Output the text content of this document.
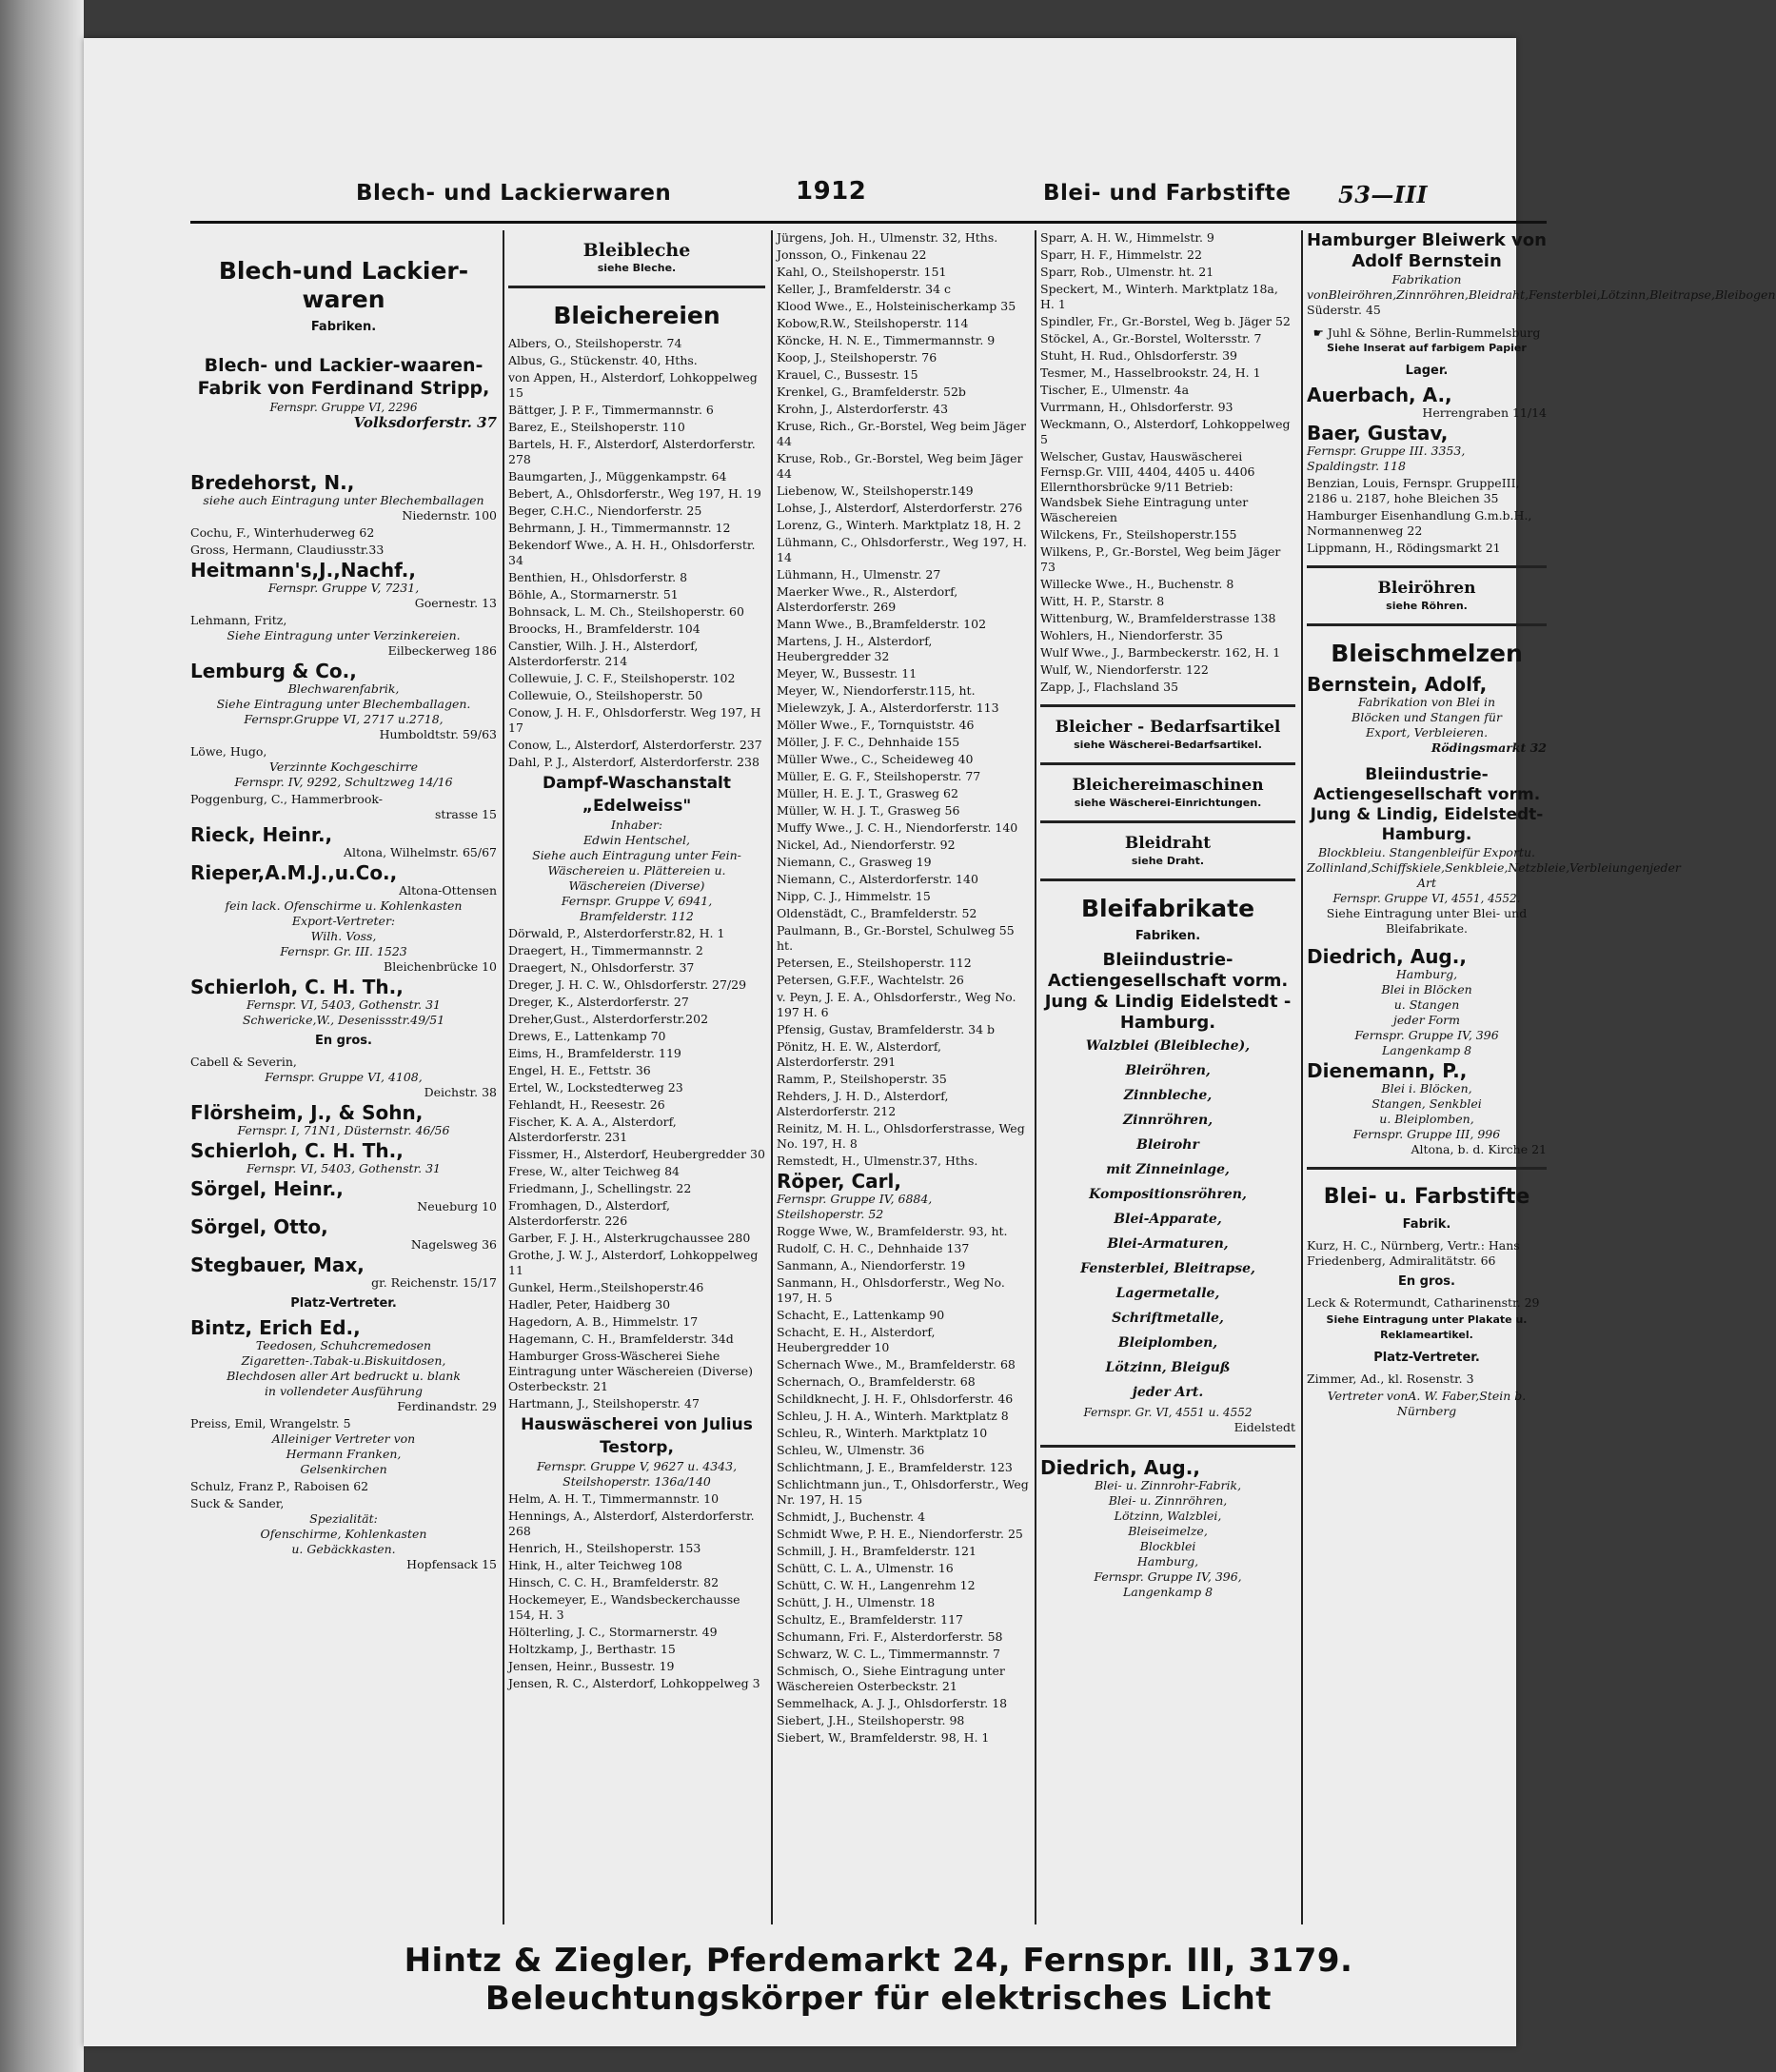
Blech- und Lackierwaren	1912	Blei- und Farbstifte 53—III
Blech-und Lackier-waren
Fabriken.
Blech- und Lackier-waaren-Fabrik von Ferdinand Stripp,
Fernspr. Gruppe VI, 2296
Volksdorferstr. 37
Bredehorst, N.,
siehe auch Eintragung unter Blechemballagen
Niedernstr. 100
Cochu, F., Winterhuderweg 62
Gross, Hermann, Claudiusstr.33
Heitmann's,J.,Nachf.,
Fernspr. Gruppe V, 7231,
Goernestr. 13
Lehmann, Fritz,
Siehe Eintragung unter Verzinkereien.
Eilbeckerweg 186
Lemburg & Co.,
Blechwarenfabrik,
Siehe Eintragung unter Blechemballagen.
Fernspr.Gruppe VI, 2717 u.2718,
Humboldtstr. 59/63
Löwe, Hugo,
Verzinnte Kochgeschirre
Fernspr. IV, 9292, Schultzweg 14/16
Poggenburg, C., Hammerbrook-
strasse 15
Rieck, Heinr.,
Altona, Wilhelmstr. 65/67
Rieper,A.M.J.,u.Co.,
Altona-Ottensen
fein lack. Ofenschirme u. Kohlenkasten
Export-Vertreter:
Wilh. Voss,
Fernspr. Gr. III. 1523
Bleichenbrücke 10
Schierloh, C. H. Th.,
Fernspr. VI, 5403, Gothenstr. 31
Schwericke,W., Desenissstr.49/51
En gros.
Cabell & Severin,
Fernspr. Gruppe VI, 4108,
Deichstr. 38
Flörsheim, J., & Sohn,
Fernspr. I, 71N1, Düsternstr. 46/56
Schierloh, C. H. Th.,
Fernspr. VI, 5403, Gothenstr. 31
Sörgel, Heinr.,
Neueburg 10
Sörgel, Otto,
Nagelsweg 36
Stegbauer, Max,
gr. Reichenstr. 15/17
Platz-Vertreter.
Bintz, Erich Ed.,
Teedosen, Schuhcremedosen
Zigaretten-.Tabak-u.Biskuitdosen,
Blechdosen aller Art bedruckt u. blank
in vollendeter Ausführung
Ferdinandstr. 29
Preiss, Emil, Wrangelstr. 5
Alleiniger Vertreter von
Hermann Franken,
Gelsenkirchen
Schulz, Franz P., Raboisen 62
Suck & Sander,
Spezialität:
Ofenschirme, Kohlenkasten
u. Gebäckkasten.
Hopfensack 15
Bleibleche
siehe Bleche.
Bleichereien
Albers, O., Steilshoperstr. 74
Albus, G., Stückenstr. 40, Hths.
von Appen, H., Alsterdorf, Lohkoppelweg 15
Bättger, J. P. F., Timmermannstr. 6
Barez, E., Steilshoperstr. 110
Bartels, H. F., Alsterdorf, Alsterdorferstr. 278
Baumgarten, J., Müggenkampstr. 64
Bebert, A., Ohlsdorferstr., Weg 197, H. 19
Beger, C.H.C., Niendorferstr. 25
Behrmann, J. H., Timmermannstr. 12
Bekendorf Wwe., A. H. H., Ohlsdorferstr. 34
Benthien, H., Ohlsdorferstr. 8
Böhle, A., Stormarnerstr. 51
Bohnsack, L. M. Ch., Steilshoperstr. 60
Broocks, H., Bramfelderstr. 104
Canstier, Wilh. J. H., Alsterdorf, Alsterdorferstr. 214
Collewuie, J. C. F., Steilshoperstr. 102
Collewuie, O., Steilshoperstr. 50
Conow, J. H. F., Ohlsdorferstr. Weg 197, H 17
Conow, L., Alsterdorf, Alsterdorferstr. 237
Dahl, P. J., Alsterdorf, Alsterdorferstr. 238
Dampf-Waschanstalt „Edelweiss"
Inhaber:
Edwin Hentschel,
Siehe auch Eintragung unter Fein-Wäschereien u. Plättereien u. Wäschereien (Diverse)
Fernspr. Gruppe V, 6941,
Bramfelderstr. 112
Dörwald, P., Alsterdorferstr.82, H. 1
Draegert, H., Timmermannstr. 2
Draegert, N., Ohlsdorferstr. 37
Dreger, J. H. C. W., Ohlsdorferstr. 27/29
Dreger, K., Alsterdorferstr. 27
Dreher,Gust., Alsterdorferstr.202
Drews, E., Lattenkamp 70
Eims, H., Bramfelderstr. 119
Engel, H. E., Fettstr. 36
Ertel, W., Lockstedterweg 23
Fehlandt, H., Reesestr. 26
Fischer, K. A. A., Alsterdorf, Alsterdorferstr. 231
Fissmer, H., Alsterdorf, Heubergredder 30
Frese, W., alter Teichweg 84
Friedmann, J., Schellingstr. 22
Fromhagen, D., Alsterdorf, Alsterdorferstr. 226
Garber, F. J. H., Alsterkrugchaussee 280
Grothe, J. W. J., Alsterdorf, Lohkoppelweg 11
Gunkel, Herm.,Steilshoperstr.46
Hadler, Peter, Haidberg 30
Hagedorn, A. B., Himmelstr. 17
Hagemann, C. H., Bramfelderstr. 34d
Hamburger Gross-Wäscherei Siehe Eintragung unter Wäschereien (Diverse) Osterbeckstr. 21
Hartmann, J., Steilshoperstr. 47
Hauswäscherei von Julius Testorp,
Fernspr. Gruppe V, 9627 u. 4343,
Steilshoperstr. 136a/140
Helm, A. H. T., Timmermannstr. 10
Hennings, A., Alsterdorf, Alsterdorferstr. 268
Henrich, H., Steilshoperstr. 153
Hink, H., alter Teichweg 108
Hinsch, C. C. H., Bramfelderstr. 82
Hockemeyer, E., Wandsbeckerchausse 154, H. 3
Hölterling, J. C., Stormarnerstr. 49
Holtzkamp, J., Berthastr. 15
Jensen, Heinr., Bussestr. 19
Jensen, R. C., Alsterdorf, Lohkoppelweg 3
Jürgens, Joh. H., Ulmenstr. 32, Hths.
Jonsson, O., Finkenau 22
Kahl, O., Steilshoperstr. 151
Keller, J., Bramfelderstr. 34 c
Klood Wwe., E., Holsteinischerkamp 35
Kobow,R.W., Steilshoperstr. 114
Köncke, H. N. E., Timmermannstr. 9
Koop, J., Steilshoperstr. 76
Krauel, C., Bussestr. 15
Krenkel, G., Bramfelderstr. 52b
Krohn, J., Alsterdorferstr. 43
Kruse, Rich., Gr.-Borstel, Weg beim Jäger 44
Kruse, Rob., Gr.-Borstel, Weg beim Jäger 44
Liebenow, W., Steilshoperstr.149
Lohse, J., Alsterdorf, Alsterdorferstr. 276
Lorenz, G., Winterh. Marktplatz 18, H. 2
Lühmann, C., Ohlsdorferstr., Weg 197, H. 14
Lühmann, H., Ulmenstr. 27
Maerker Wwe., R., Alsterdorf, Alsterdorferstr. 269
Mann Wwe., B.,Bramfelderstr. 102
Martens, J. H., Alsterdorf, Heubergredder 32
Meyer, W., Bussestr. 11
Meyer, W., Niendorferstr.115, ht.
Mielewzyk, J. A., Alsterdorferstr. 113
Möller Wwe., F., Tornquiststr. 46
Möller, J. F. C., Dehnhaide 155
Müller Wwe., C., Scheideweg 40
Müller, E. G. F., Steilshoperstr. 77
Müller, H. E. J. T., Grasweg 62
Müller, W. H. J. T., Grasweg 56
Muffy Wwe., J. C. H., Niendorferstr. 140
Nickel, Ad., Niendorferstr. 92
Niemann, C., Grasweg 19
Niemann, C., Alsterdorferstr. 140
Nipp, C. J., Himmelstr. 15
Oldenstädt, C., Bramfelderstr. 52
Paulmann, B., Gr.-Borstel, Schulweg 55 ht.
Petersen, E., Steilshoperstr. 112
Petersen, G.F.F., Wachtelstr. 26
v. Peyn, J. E. A., Ohlsdorferstr., Weg No. 197 H. 6
Pfensig, Gustav, Bramfelderstr. 34 b
Pönitz, H. E. W., Alsterdorf, Alsterdorferstr. 291
Ramm, P., Steilshoperstr. 35
Rehders, J. H. D., Alsterdorf, Alsterdorferstr. 212
Reinitz, M. H. L., Ohlsdorferstrasse, Weg No. 197, H. 8
Remstedt, H., Ulmenstr.37, Hths.
Röper, Carl,
Fernspr. Gruppe IV, 6884,
Steilshoperstr. 52
Rogge Wwe, W., Bramfelderstr. 93, ht.
Rudolf, C. H. C., Dehnhaide 137
Sanmann, A., Niendorferstr. 19
Sanmann, H., Ohlsdorferstr., Weg No. 197, H. 5
Schacht, E., Lattenkamp 90
Schacht, E. H., Alsterdorf, Heubergredder 10
Schernach Wwe., M., Bramfelderstr. 68
Schernach, O., Bramfelderstr. 68
Schildknecht, J. H. F., Ohlsdorferstr. 46
Schleu, J. H. A., Winterh. Marktplatz 8
Schleu, R., Winterh. Marktplatz 10
Schleu, W., Ulmenstr. 36
Schlichtmann, J. E., Bramfelderstr. 123
Schlichtmann jun., T., Ohlsdorferstr., Weg Nr. 197, H. 15
Schmidt, J., Buchenstr. 4
Schmidt Wwe, P. H. E., Niendorferstr. 25
Schmill, J. H., Bramfelderstr. 121
Schütt, C. L. A., Ulmenstr. 16
Schütt, C. W. H., Langenrehm 12
Schütt, J. H., Ulmenstr. 18
Schultz, E., Bramfelderstr. 117
Schumann, Fri. F., Alsterdorferstr. 58
Schwarz, W. C. L., Timmermannstr. 7
Schmisch, O., Siehe Eintragung unter Wäschereien Osterbeckstr. 21
Semmelhack, A. J. J., Ohlsdorferstr. 18
Siebert, J.H., Steilshoperstr. 98
Siebert, W., Bramfelderstr. 98, H. 1
Sparr, A. H. W., Himmelstr. 9
Sparr, H. F., Himmelstr. 22
Sparr, Rob., Ulmenstr. ht. 21
Speckert, M., Winterh. Marktplatz 18a, H. 1
Spindler, Fr., Gr.-Borstel, Weg b. Jäger 52
Stöckel, A., Gr.-Borstel, Woltersstr. 7
Stuht, H. Rud., Ohlsdorferstr. 39
Tesmer, M., Hasselbrookstr. 24, H. 1
Tischer, E., Ulmenstr. 4a
Vurrmann, H., Ohlsdorferstr. 93
Weckmann, O., Alsterdorf, Lohkoppelweg 5
Welscher, Gustav, Hauswäscherei Fernsp.Gr. VIII, 4404, 4405 u. 4406 Ellernthorsbrücke 9/11 Betrieb: Wandsbek Siehe Eintragung unter Wäschereien
Wilckens, Fr., Steilshoperstr.155
Wilkens, P., Gr.-Borstel, Weg beim Jäger 73
Willecke Wwe., H., Buchenstr. 8
Witt, H. P., Starstr. 8
Wittenburg, W., Bramfelderstrasse 138
Wohlers, H., Niendorferstr. 35
Wulf Wwe., J., Barmbeckerstr. 162, H. 1
Wulf, W., Niendorferstr. 122
Zapp, J., Flachsland 35
Bleicher - Bedarfsartikel
siehe Wäscherei-Bedarfsartikel.
Bleichereimaschinen
siehe Wäscherei-Einrichtungen.
Bleidraht
siehe Draht.
Bleifabrikate
Fabriken.
Bleiindustrie-Actiengesellschaft vorm. Jung & Lindig Eidelstedt - Hamburg.
Walzblei (Bleibleche),
Bleiröhren,
Zinnbleche,
Zinnröhren,
Bleirohr
mit Zinneinlage,
Kompositionsröhren,
Blei-Apparate,
Blei-Armaturen,
Fensterblei, Bleitrapse,
Lagermetalle,
Schriftmetalle,
Bleiplomben,
Lötzinn, Bleiguß
jeder Art.
Fernspr. Gr. VI, 4551 u. 4552
Eidelstedt
Diedrich, Aug.,
Blei- u. Zinnrohr-Fabrik,
Blei- u. Zinnröhren,
Lötzinn, Walzblei,
Bleiseimelze,
Blockblei
Hamburg,
Fernspr. Gruppe IV, 396,
Langenkamp 8
Hamburger Bleiwerk von Adolf Bernstein
Fabrikation vonBleiröhren,Zinnröhren,Bleidraht,Fensterblei,Lötzinn,Bleitrapse,Bleibogen
Süderstr. 45
☛ Juhl & Söhne, Berlin-Rummelsburg
Siehe Inserat auf farbigem Papier
Lager.
Auerbach, A.,
Herrengraben 11/14
Baer, Gustav,
Fernspr. Gruppe III. 3353,
Spaldingstr. 118
Benzian, Louis, Fernspr. GruppeIII, 2186 u. 2187, hohe Bleichen 35
Hamburger Eisenhandlung G.m.b.H., Normannenweg 22
Lippmann, H., Rödingsmarkt 21
Bleiröhren
siehe Röhren.
Bleischmelzen
Bernstein, Adolf,
Fabrikation von Blei in
Blöcken und Stangen für
Export, Verbleieren.
Rödingsmarkt 32
Bleiindustrie-Actiengesellschaft vorm. Jung & Lindig, Eidelstedt-Hamburg.
Blockbleiu. Stangenbleifür Exportu. Zollinland,Schiffskiele,Senkbleie,Netzbleie,Verbleiungenjeder Art
Fernspr. Gruppe VI, 4551, 4552.
Siehe Eintragung unter Blei- und Bleifabrikate.
Diedrich, Aug.,
Hamburg,
Blei in Blöcken
u. Stangen
jeder Form
Fernspr. Gruppe IV, 396
Langenkamp 8
Dienemann, P.,
Blei i. Blöcken,
Stangen, Senkblei
u. Bleiplomben,
Fernspr. Gruppe III, 996
Altona, b. d. Kirche 21
Blei- u. Farbstifte
Fabrik.
Kurz, H. C., Nürnberg, Vertr.: Hans Friedenberg, Admiralitätstr. 66
En gros.
Leck & Rotermundt, Catharinenstr. 29
Siehe Eintragung unter Plakate u. Reklameartikel.
Platz-Vertreter.
Zimmer, Ad., kl. Rosenstr. 3
Vertreter vonA. W. Faber,Stein b. Nürnberg
Hintz & Ziegler, Pferdemarkt 24, Fernspr. III, 3179. Beleuchtungskörper für elektrisches Licht
